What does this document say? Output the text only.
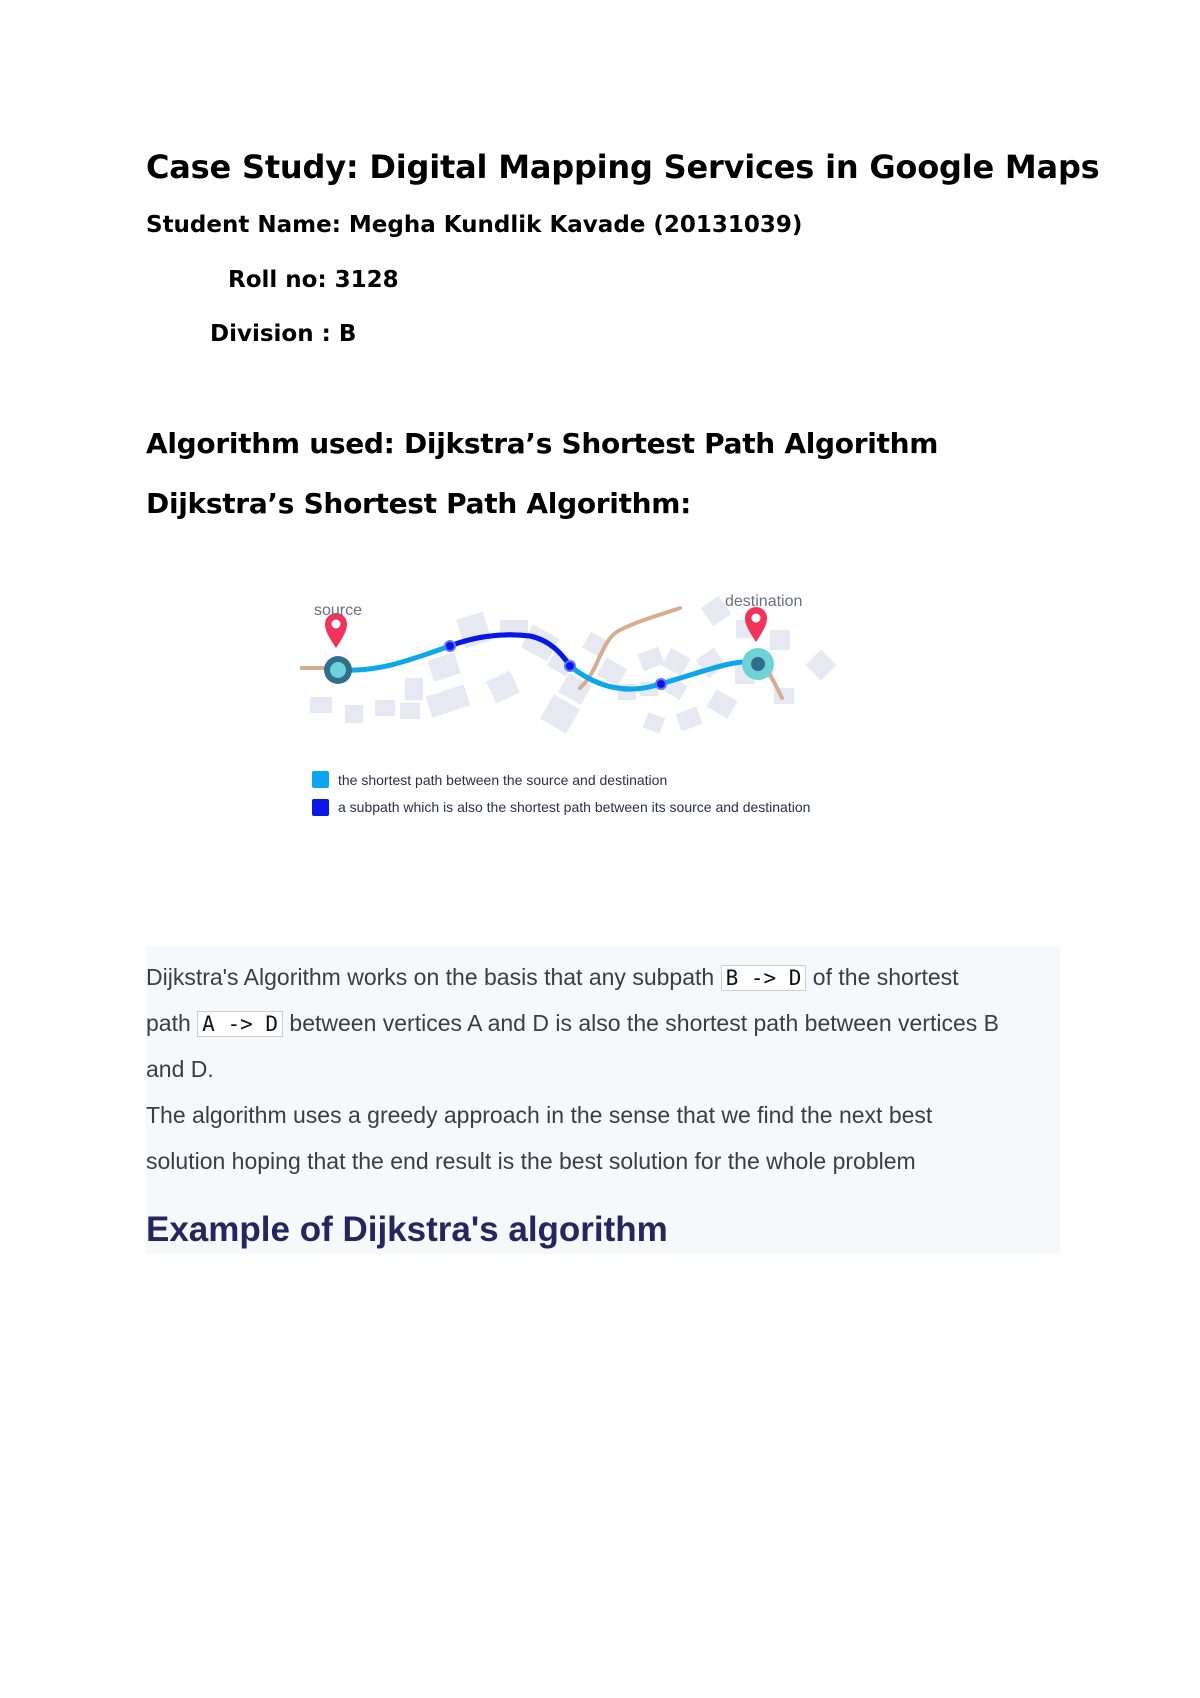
Case Study: Digital Mapping Services in Google Maps
Student Name: Megha Kundlik Kavade (20131039)
Roll no: 3128
Division : B
Algorithm used: Dijkstra’s Shortest Path Algorithm
Dijkstra’s Shortest Path Algorithm:
source
destination
the shortest path between the source and destination
a subpath which is also the shortest path between its source and destination
Dijkstra's Algorithm works on the basis that any subpath B -> D of the shortest
path A -> D between vertices A and D is also the shortest path between vertices B
and D.
The algorithm uses a greedy approach in the sense that we find the next best
solution hoping that the end result is the best solution for the whole problem
Example of Dijkstra's algorithm
